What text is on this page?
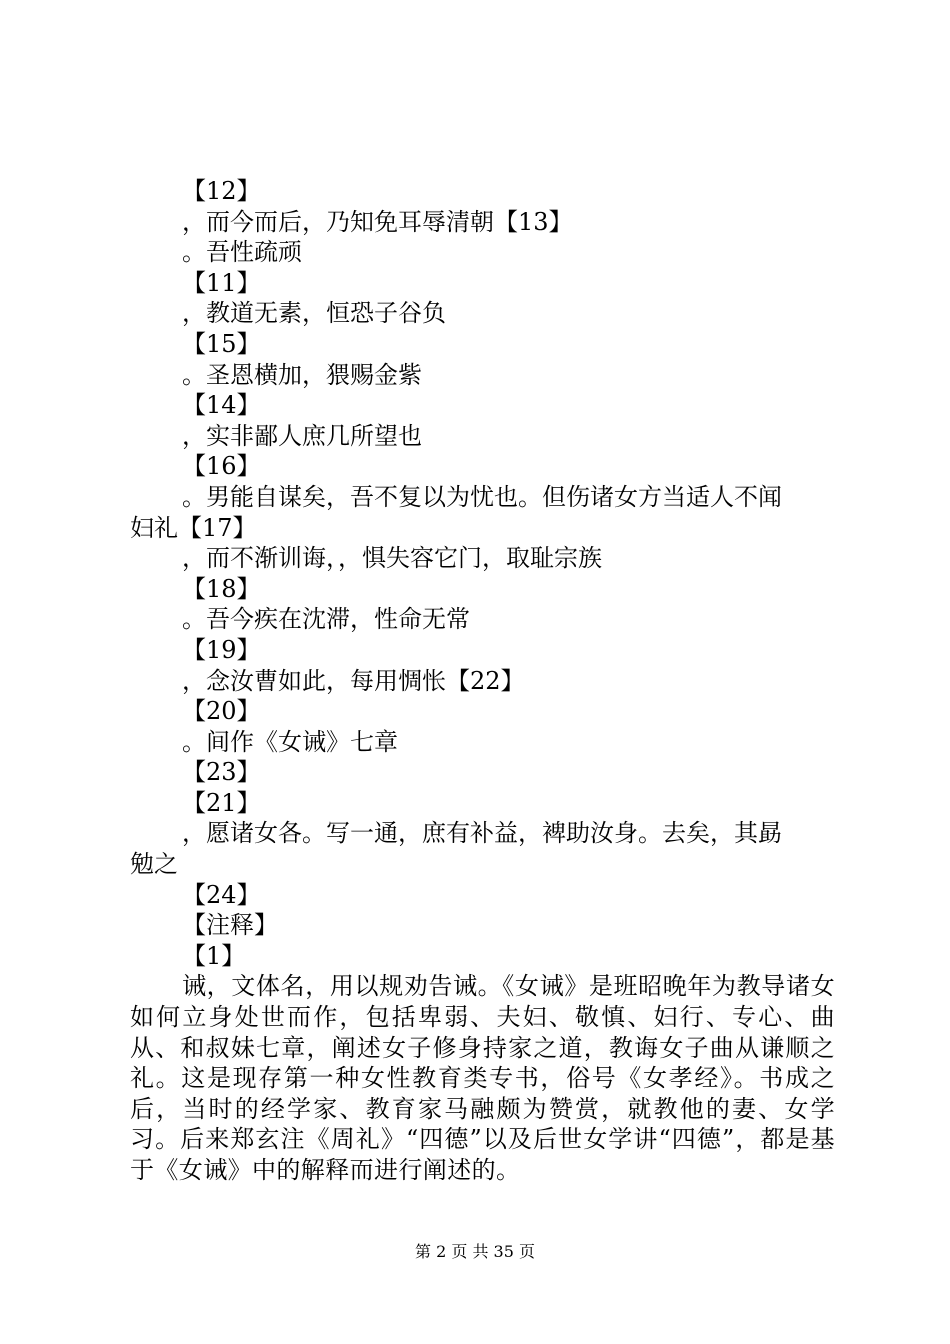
【12】
，而今而后，乃知免耳辱清朝【13】
。吾性疏顽
【11】
，教道无素，恒恐子谷负
【15】
。圣恩横加，猥赐金紫
【14】
，实非鄙人庶几所望也
【16】
。男能自谋矣，吾不复以为忧也。但伤诸女方当适人不闻
妇礼【17】
，而不渐训诲，，惧失容它门，取耻宗族
【18】
。吾今疾在沈滞，性命无常
【19】
，念汝曹如此，每用惆怅【22】
【20】
。间作《女诫》七章
【23】
【21】
，愿诸女各。写一通，庶有补益，裨助汝身。去矣，其勗
勉之
【24】
【注释】
【1】
诫，文体名，用以规劝告诫。《女诫》是班昭晚年为教导诸女如何立身处世而作，包括卑弱、夫妇、敬慎、妇行、专心、曲从、和叔妹七章，阐述女子修身持家之道，教诲女子曲从谦顺之礼。这是现存第一种女性教育类专书，俗号《女孝经》。书成之后，当时的经学家、教育家马融颇为赞赏，就教他的妻、女学习。后来郑玄注《周礼》“四德”以及后世女学讲“四德”，都是基于《女诫》中的解释而进行阐述的。
第 2 页 共 35 页
